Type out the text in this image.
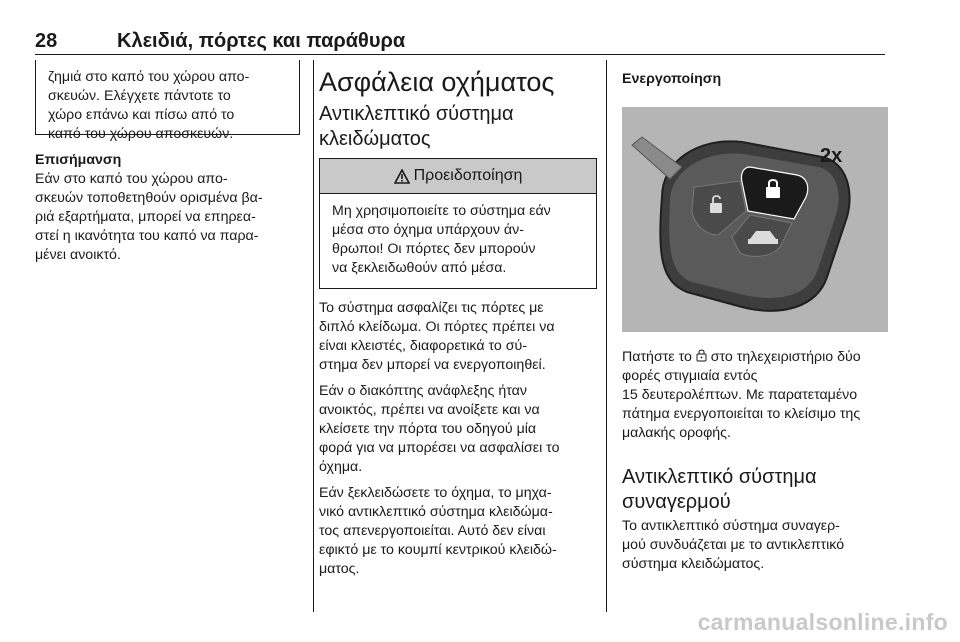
28	Κλειδιά, πόρτες και παράθυρα

ζημιά στο καπό του χώρου απο-

σκευών. Ελέγχετε πάντοτε το

χώρο επάνω και πίσω από το

καπό του χώρου αποσκευών.

Επισήμανση

Εάν στο καπό του χώρου απο-

σκευών τοποθετηθούν ορισμένα βα-

ριά εξαρτήματα, μπορεί να επηρεα-

στεί η ικανότητα του καπό να παρα-

μένει ανοικτό.

Ασφάλεια οχήματος
Αντικλεπτικό σύστημα
κλειδώματος
Προειδοποίηση

Μη χρησιμοποιείτε το σύστημα εάν

μέσα στο όχημα υπάρχουν άν-

θρωποι! Οι πόρτες δεν μπορούν

να ξεκλειδωθούν από μέσα.

Το σύστημα ασφαλίζει τις πόρτες με
διπλό κλείδωμα. Οι πόρτες πρέπει να
είναι κλειστές, διαφορετικά το σύ-
στημα δεν μπορεί να ενεργοποιηθεί.
Εάν ο διακόπτης ανάφλεξης ήταν
ανοικτός, πρέπει να ανοίξετε και να
κλείσετε την πόρτα του οδηγού μία
φορά για να μπορέσει να ασφαλίσει το
όχημα.
Εάν ξεκλειδώσετε το όχημα, το μηχα-
νικό αντικλεπτικό σύστημα κλειδώμα-
τος απενεργοποιείται. Αυτό δεν είναι
εφικτό με το κουμπί κεντρικού κλειδώ-
ματος.

Ενεργοποίηση

2x
Πατήστε το  στο τηλεχειριστήριο δύο
φορές στιγμιαία εντός
15 δευτερολέπτων. Με παρατεταμένο
πάτημα ενεργοποιείται το κλείσιμο της
μαλακής οροφής.
Αντικλεπτικό σύστημα
συναγερμού
Το αντικλεπτικό σύστημα συναγερ-
μού συνδυάζεται με το αντικλεπτικό
σύστημα κλειδώματος.
carmanualsonline.info
